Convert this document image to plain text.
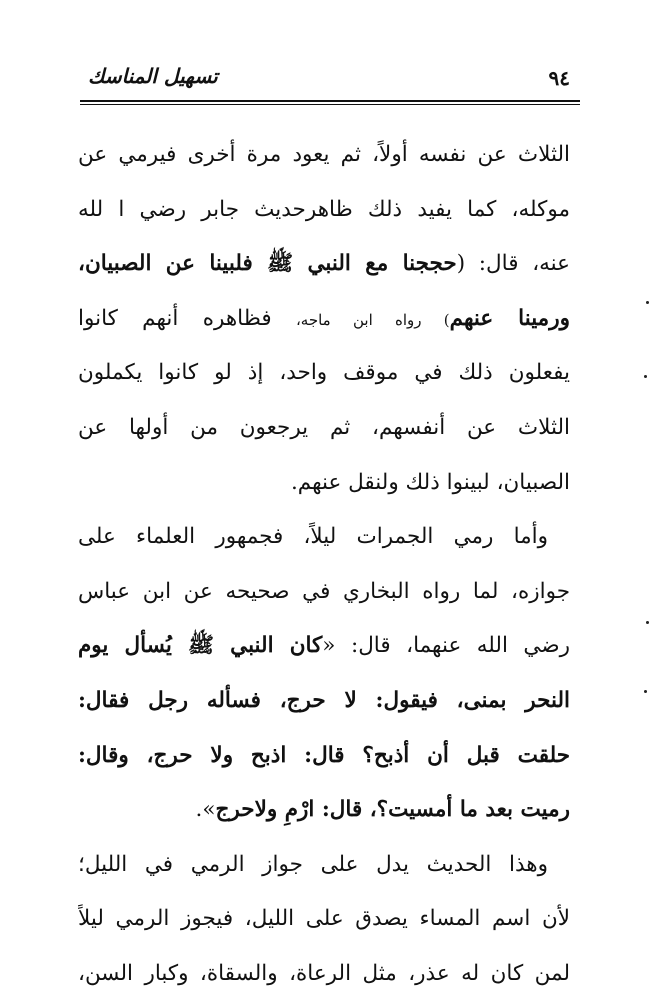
تسهيل المناسك	٩٤
الثلاث عن نفسه أولاً، ثم يعود مرة أخرى فيرمي عن
موكله، كما يفيد ذلك ظاهرحديث جابر رضي ا لله
عنه، قال: (حججنا مع النبي ﷺ فلبينا عن الصبيان،
ورمينا عنهم) رواه ابن ماجه، فظاهره أنهم كانوا
يفعلون ذلك في موقف واحد، إذ لو كانوا يكملون
الثلاث عن أنفسهم، ثم يرجعون من أولها عن
الصبيان، لبينوا ذلك ولنقل عنهم.
وأما رمي الجمرات ليلاً، فجمهور العلماء على
جوازه، لما رواه البخاري في صحيحه عن ابن عباس
رضي الله عنهما، قال: «كان النبي ﷺ يُسأل يوم
النحر بمنى، فيقول: لا حرج، فسأله رجل فقال:
حلقت قبل أن أذبح؟ قال: اذبح ولا حرج، وقال:
رميت بعد ما أمسيت؟، قال: ارْمِ ولاحرج».
وهذا الحديث يدل على جواز الرمي في الليل؛
لأن اسم المساء يصدق على الليل، فيجوز الرمي ليلاً
لمن كان له عذر، مثل الرعاة، والسقاة، وكبار السن،
